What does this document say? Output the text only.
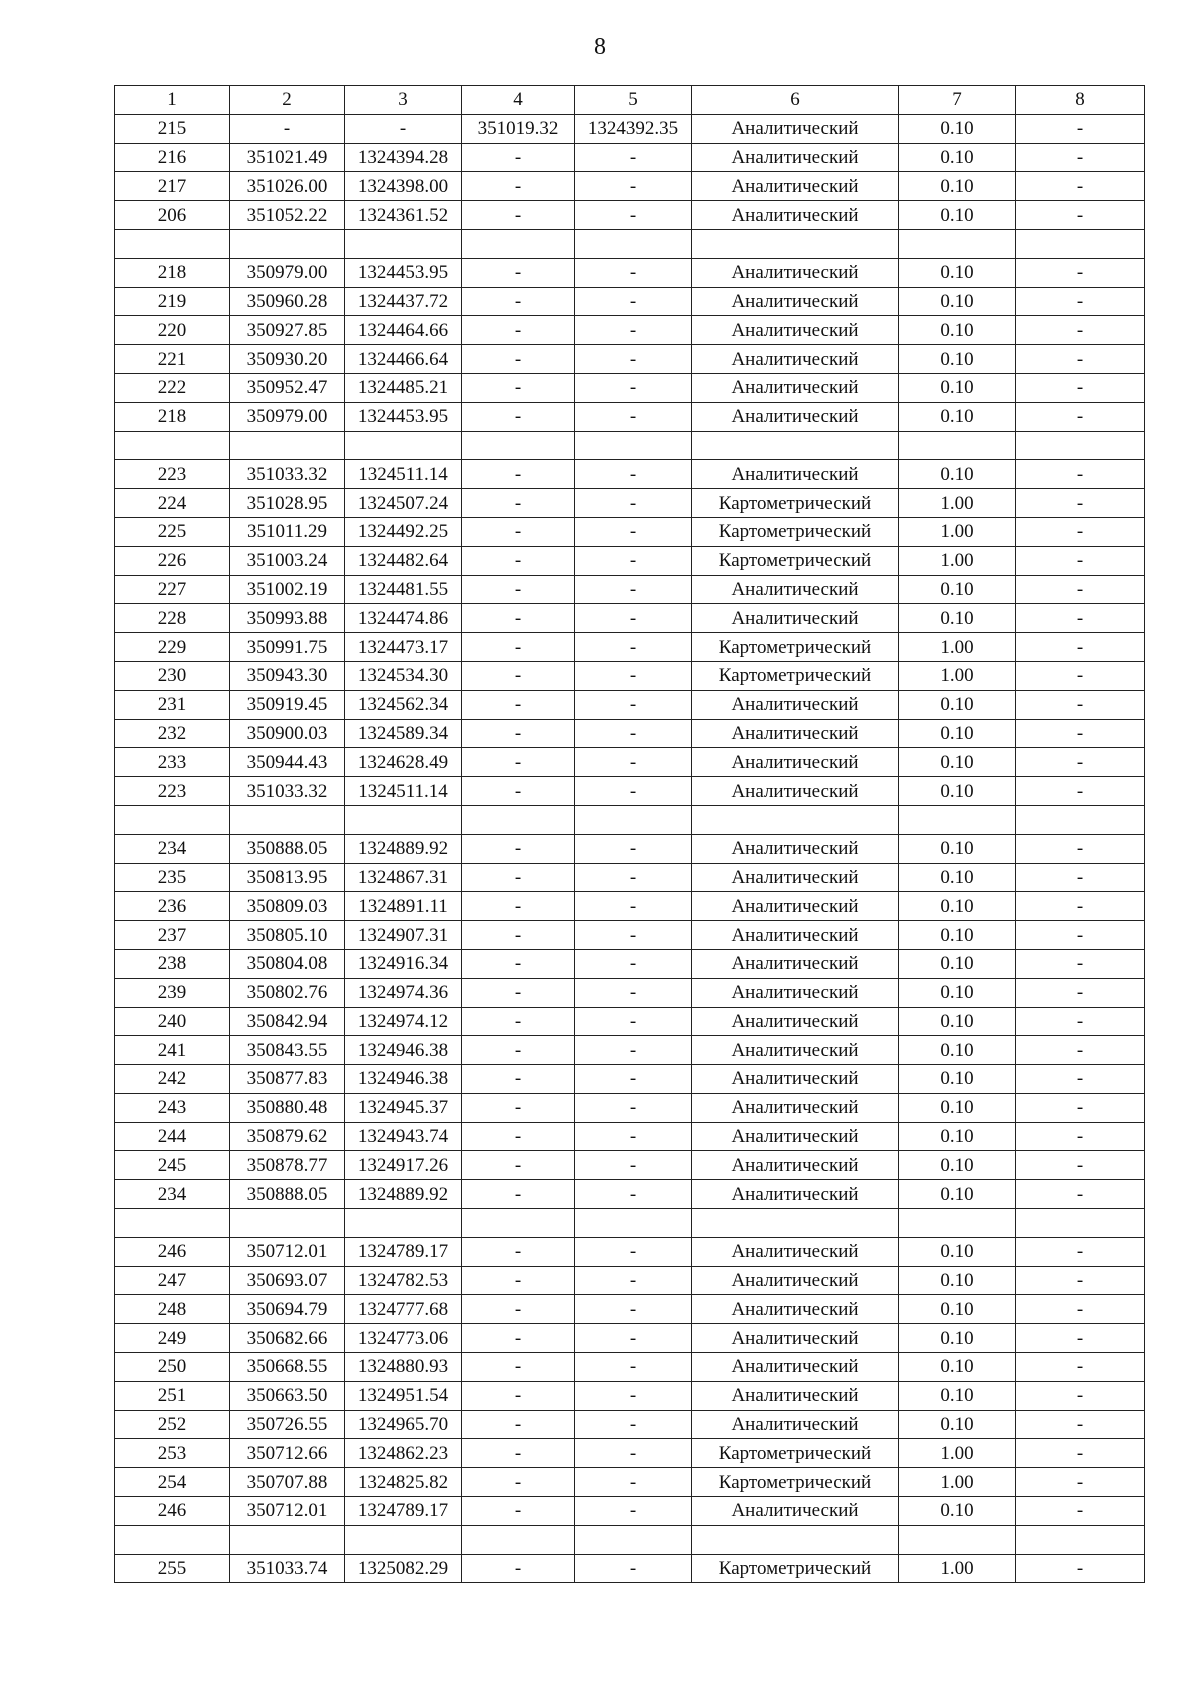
8
1	2	3	4	5	6	7	8
215	-	-	351019.32	1324392.35	Аналитический	0.10	-
216	351021.49	1324394.28	-	-	Аналитический	0.10	-
217	351026.00	1324398.00	-	-	Аналитический	0.10	-
206	351052.22	1324361.52	-	-	Аналитический	0.10	-

218	350979.00	1324453.95	-	-	Аналитический	0.10	-
219	350960.28	1324437.72	-	-	Аналитический	0.10	-
220	350927.85	1324464.66	-	-	Аналитический	0.10	-
221	350930.20	1324466.64	-	-	Аналитический	0.10	-
222	350952.47	1324485.21	-	-	Аналитический	0.10	-
218	350979.00	1324453.95	-	-	Аналитический	0.10	-

223	351033.32	1324511.14	-	-	Аналитический	0.10	-
224	351028.95	1324507.24	-	-	Картометрический	1.00	-
225	351011.29	1324492.25	-	-	Картометрический	1.00	-
226	351003.24	1324482.64	-	-	Картометрический	1.00	-
227	351002.19	1324481.55	-	-	Аналитический	0.10	-
228	350993.88	1324474.86	-	-	Аналитический	0.10	-
229	350991.75	1324473.17	-	-	Картометрический	1.00	-
230	350943.30	1324534.30	-	-	Картометрический	1.00	-
231	350919.45	1324562.34	-	-	Аналитический	0.10	-
232	350900.03	1324589.34	-	-	Аналитический	0.10	-
233	350944.43	1324628.49	-	-	Аналитический	0.10	-
223	351033.32	1324511.14	-	-	Аналитический	0.10	-

234	350888.05	1324889.92	-	-	Аналитический	0.10	-
235	350813.95	1324867.31	-	-	Аналитический	0.10	-
236	350809.03	1324891.11	-	-	Аналитический	0.10	-
237	350805.10	1324907.31	-	-	Аналитический	0.10	-
238	350804.08	1324916.34	-	-	Аналитический	0.10	-
239	350802.76	1324974.36	-	-	Аналитический	0.10	-
240	350842.94	1324974.12	-	-	Аналитический	0.10	-
241	350843.55	1324946.38	-	-	Аналитический	0.10	-
242	350877.83	1324946.38	-	-	Аналитический	0.10	-
243	350880.48	1324945.37	-	-	Аналитический	0.10	-
244	350879.62	1324943.74	-	-	Аналитический	0.10	-
245	350878.77	1324917.26	-	-	Аналитический	0.10	-
234	350888.05	1324889.92	-	-	Аналитический	0.10	-

246	350712.01	1324789.17	-	-	Аналитический	0.10	-
247	350693.07	1324782.53	-	-	Аналитический	0.10	-
248	350694.79	1324777.68	-	-	Аналитический	0.10	-
249	350682.66	1324773.06	-	-	Аналитический	0.10	-
250	350668.55	1324880.93	-	-	Аналитический	0.10	-
251	350663.50	1324951.54	-	-	Аналитический	0.10	-
252	350726.55	1324965.70	-	-	Аналитический	0.10	-
253	350712.66	1324862.23	-	-	Картометрический	1.00	-
254	350707.88	1324825.82	-	-	Картометрический	1.00	-
246	350712.01	1324789.17	-	-	Аналитический	0.10	-

255	351033.74	1325082.29	-	-	Картометрический	1.00	-
